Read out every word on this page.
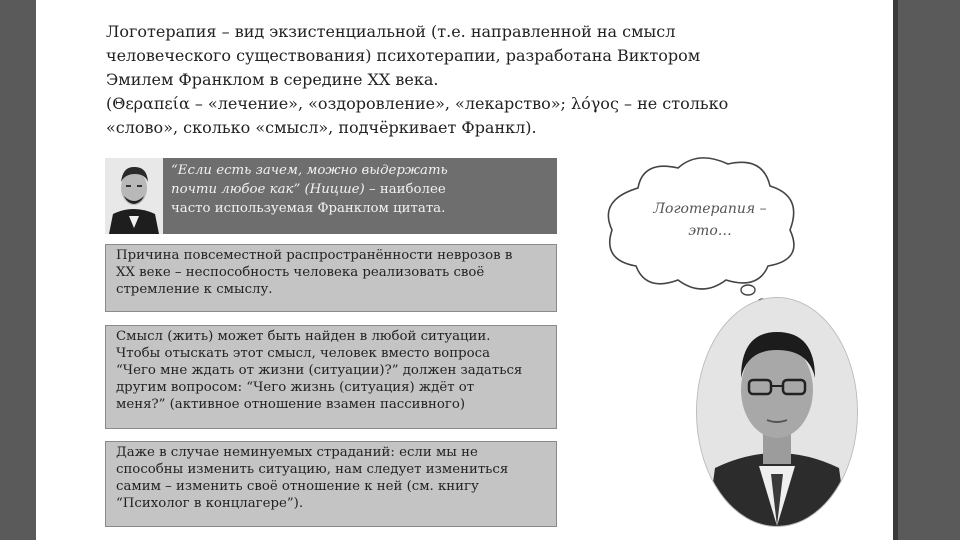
Логотерапия – вид экзистенциальной (т.е. направленной на смысл

человеческого существования) психотерапии, разработана Виктором

Эмилем Франклом в середине XX века.

(Θεραπεία – «лечение», «оздоровление», «лекарство»; λόγος – не столько

«слово», сколько «смысл», подчёркивает Франкл).

“Если есть зачем, можно выдержать
почти любое как” (Ницше) – наиболее
часто используемая Франклом цитата.
Причина повсеместной распространённости неврозов в
XX веке – неспособность человека реализовать своё
стремление к смыслу.
Смысл (жить) может быть найден в любой ситуации.
Чтобы отыскать этот смысл, человек вместо вопроса
“Чего мне ждать от жизни (ситуации)?” должен задаться
другим вопросом: “Чего жизнь (ситуация) ждёт от
меня?” (активное отношение взамен пассивного)
Даже в случае неминуемых страданий: если мы не
способны изменить ситуацию, нам следует измениться
самим – изменить своё отношение к ней (см. книгу
“Психолог в концлагере”).
Логотерапия –
это…
